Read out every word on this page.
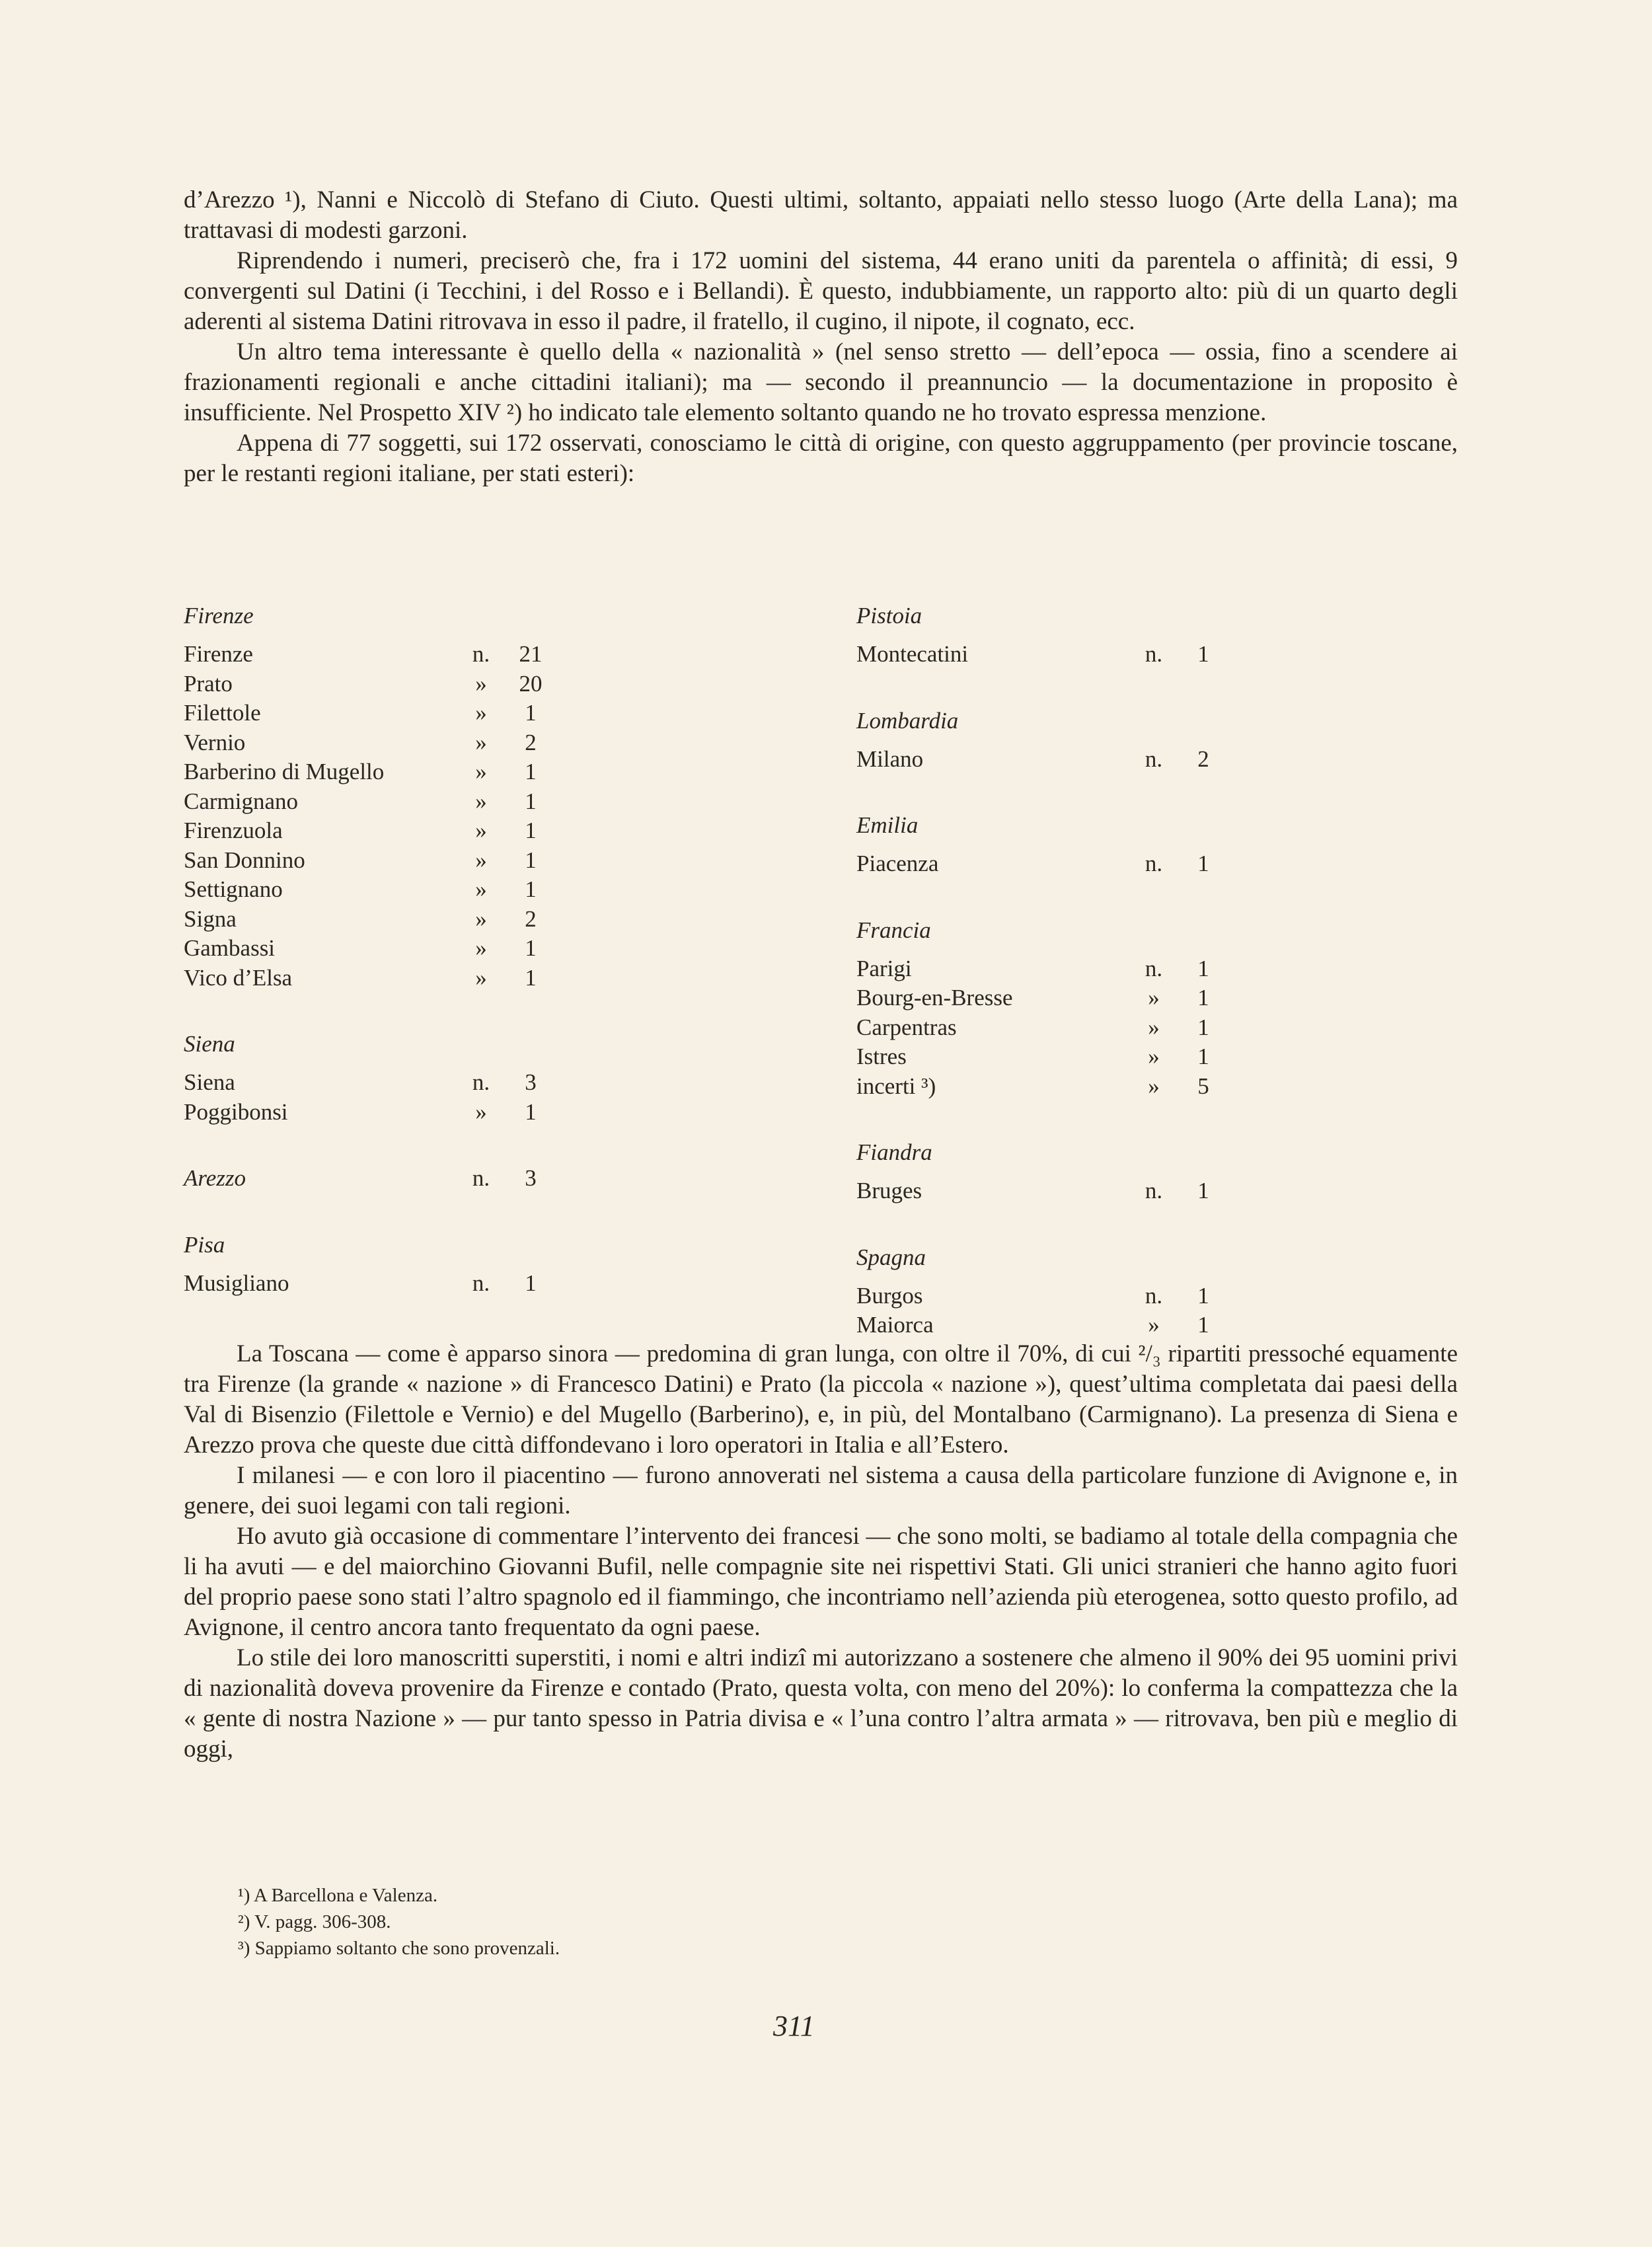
d’Arezzo ¹), Nanni e Niccolò di Stefano di Ciuto. Questi ultimi, soltanto, appaiati nello stesso luogo (Arte della Lana); ma trattavasi di modesti garzoni.

Riprendendo i numeri, preciserò che, fra i 172 uomini del sistema, 44 erano uniti da parentela o affinità; di essi, 9 convergenti sul Datini (i Tecchini, i del Rosso e i Bellandi). È questo, indubbiamente, un rapporto alto: più di un quarto degli aderenti al sistema Datini ritrovava in esso il padre, il fratello, il cugino, il nipote, il cognato, ecc.

Un altro tema interessante è quello della « nazionalità » (nel senso stretto — dell’epoca — ossia, fino a scendere ai frazionamenti regionali e anche cittadini italiani); ma — secondo il preannuncio — la documentazione in proposito è insufficiente. Nel Prospetto XIV ²) ho indicato tale elemento soltanto quando ne ho trovato espressa menzione.

Appena di 77 soggetti, sui 172 osservati, conosciamo le città di origine, con questo aggruppamento (per provincie toscane, per le restanti regioni italiane, per stati esteri):

Firenze
Firenze	n.	21
Prato	»	20
Filettole	»	1
Vernio	»	2
Barberino di Mugello	»	1
Carmignano	»	1
Firenzuola	»	1
San Donnino	»	1
Settignano	»	1
Signa	»	2
Gambassi	»	1
Vico d’Elsa	»	1
Siena
Siena	n.	3
Poggibonsi	»	1
Arezzo	n.	3
Pisa
Musigliano	n.	1
Pistoia
Montecatini	n.	1
Lombardia
Milano	n.	2
Emilia
Piacenza	n.	1
Francia
Parigi	n.	1
Bourg-en-Bresse	»	1
Carpentras	»	1
Istres	»	1
incerti ³)	»	5
Fiandra
Bruges	n.	1
Spagna
Burgos	n.	1
Maiorca	»	1

La Toscana — come è apparso sinora — predomina di gran lunga, con oltre il 70%, di cui ²/₃ ripartiti pressoché equamente tra Firenze (la grande « nazione » di Francesco Datini) e Prato (la piccola « nazione »), quest’ultima completata dai paesi della Val di Bisenzio (Filettole e Vernio) e del Mugello (Barberino), e, in più, del Montalbano (Carmignano). La presenza di Siena e Arezzo prova che queste due città diffondevano i loro operatori in Italia e all’Estero.

I milanesi — e con loro il piacentino — furono annoverati nel sistema a causa della particolare funzione di Avignone e, in genere, dei suoi legami con tali regioni.

Ho avuto già occasione di commentare l’intervento dei francesi — che sono molti, se badiamo al totale della compagnia che li ha avuti — e del maiorchino Giovanni Bufil, nelle compagnie site nei rispettivi Stati. Gli unici stranieri che hanno agito fuori del proprio paese sono stati l’altro spagnolo ed il fiammingo, che incontriamo nell’azienda più eterogenea, sotto questo profilo, ad Avignone, il centro ancora tanto frequentato da ogni paese.

Lo stile dei loro manoscritti superstiti, i nomi e altri indizî mi autorizzano a sostenere che almeno il 90% dei 95 uomini privi di nazionalità doveva provenire da Firenze e contado (Prato, questa volta, con meno del 20%): lo conferma la compattezza che la « gente di nostra Nazione » — pur tanto spesso in Patria divisa e « l’una contro l’altra armata » — ritrovava, ben più e meglio di oggi,

¹) A Barcellona e Valenza.

²) V. pagg. 306-308.

³) Sappiamo soltanto che sono provenzali.

311
